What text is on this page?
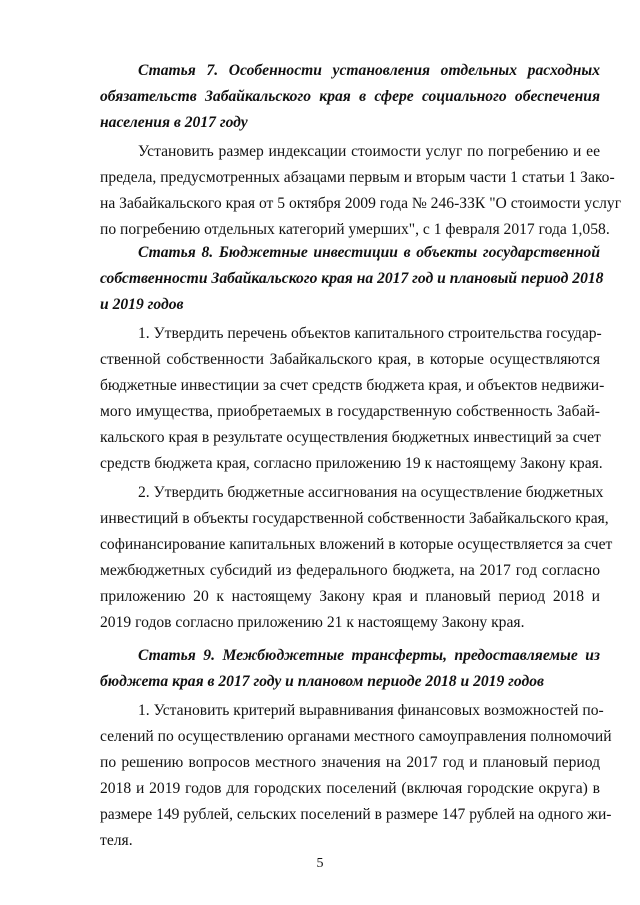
Статья 7. Особенности установления отдельных расходных
обязательств Забайкальского края в сфере социального обеспечения
населения в 2017 году
Установить размер индексации стоимости услуг по погребению и ее
предела, предусмотренных абзацами первым и вторым части 1 статьи 1 Зако-
на Забайкальского края от 5 октября 2009 года № 246-ЗЗК "О стоимости услуг
по погребению отдельных категорий умерших", с 1 февраля 2017 года 1,058.
Статья 8. Бюджетные инвестиции в объекты государственной
собственности Забайкальского края на 2017 год и плановый период 2018
и 2019 годов
1. Утвердить перечень объектов капитального строительства государ-
ственной собственности Забайкальского края, в которые осуществляются
бюджетные инвестиции за счет средств бюджета края, и объектов недвижи-
мого имущества, приобретаемых в государственную собственность Забай-
кальского края в результате осуществления бюджетных инвестиций за счет
средств бюджета края, согласно приложению 19 к настоящему Закону края.
2. Утвердить бюджетные ассигнования на осуществление бюджетных
инвестиций в объекты государственной собственности Забайкальского края,
софинансирование капитальных вложений в которые осуществляется за счет
межбюджетных субсидий из федерального бюджета, на 2017 год согласно
приложению 20 к настоящему Закону края и плановый период 2018 и
2019 годов согласно приложению 21 к настоящему Закону края.
Статья 9. Межбюджетные трансферты, предоставляемые из
бюджета края в 2017 году и плановом периоде 2018 и 2019 годов
1. Установить критерий выравнивания финансовых возможностей по-
селений по осуществлению органами местного самоуправления полномочий
по решению вопросов местного значения на 2017 год и плановый период
2018 и 2019 годов для городских поселений (включая городские округа) в
размере 149 рублей, сельских поселений в размере 147 рублей на одного жи-
теля.
5
